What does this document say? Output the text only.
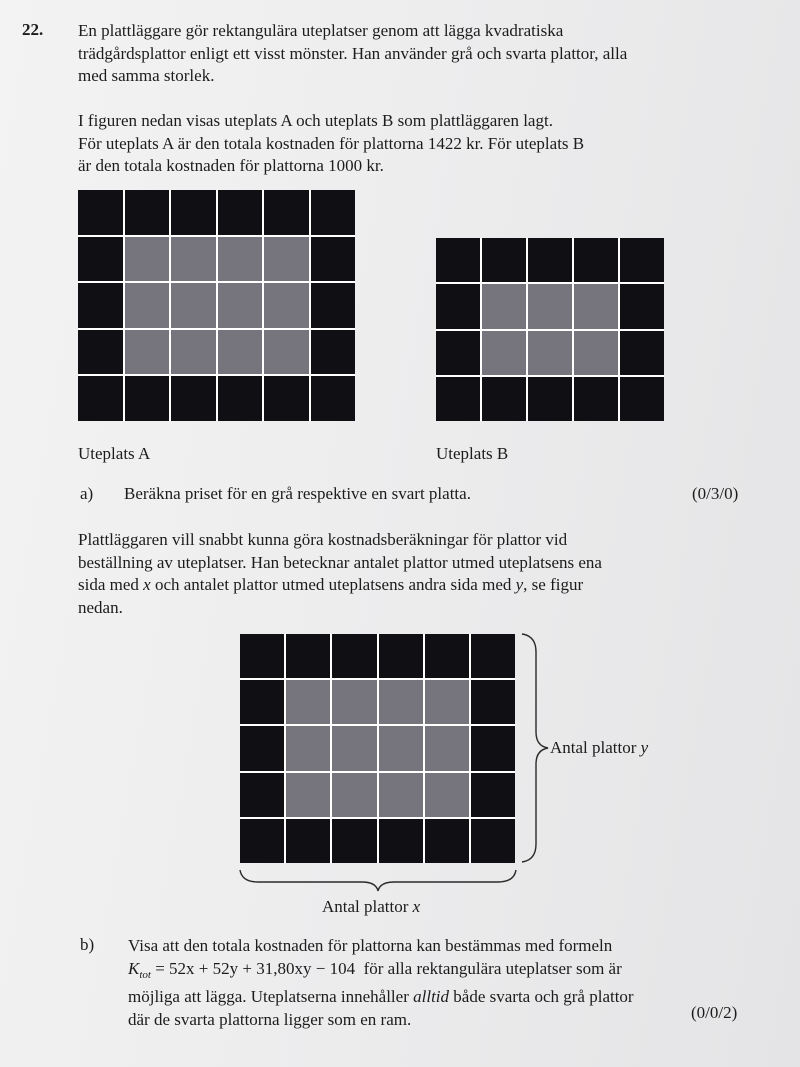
22. En plattläggare gör rektangulära uteplatser genom att lägga kvadratiska
trädgårdsplattor enligt ett visst mönster. Han använder grå och svarta plattor, alla
med samma storlek.
I figuren nedan visas uteplats A och uteplats B som plattläggaren lagt.
För uteplats A är den totala kostnaden för plattorna 1422 kr. För uteplats B
är den totala kostnaden för plattorna 1000 kr.
Uteplats A	Uteplats B
a) Beräkna priset för en grå respektive en svart platta.	(0/3/0)
Plattläggaren vill snabbt kunna göra kostnadsberäkningar för plattor vid
beställning av uteplatser. Han betecknar antalet plattor utmed uteplatsens ena
sida med x och antalet plattor utmed uteplatsens andra sida med y, se figur
nedan.
Antal plattor y
Antal plattor x
b) Visa att den totala kostnaden för plattorna kan bestämmas med formeln
$K_{tot} = 52x + 52y + 31,80xy - 104$ för alla rektangulära uteplatser som är
möjliga att lägga. Uteplatserna innehåller alltid både svarta och grå plattor
där de svarta plattorna ligger som en ram.	(0/0/2)
